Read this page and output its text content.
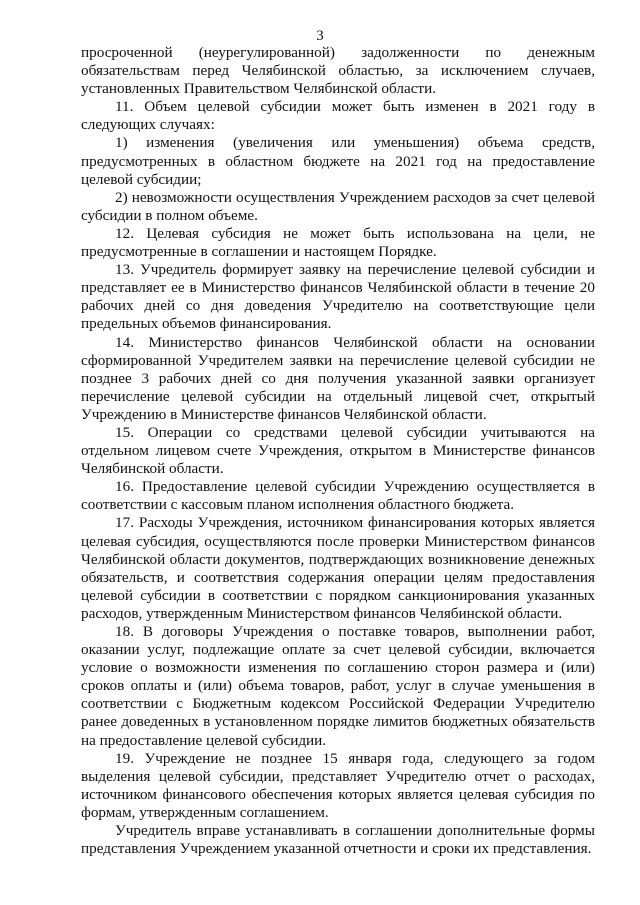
3

просроченной (неурегулированной) задолженности по денежным обязательствам перед Челябинской областью, за исключением случаев, установленных Правительством Челябинской области.

11. Объем целевой субсидии может быть изменен в 2021 году в следующих случаях:

1) изменения (увеличения или уменьшения) объема средств, предусмотренных в областном бюджете на 2021 год на предоставление целевой субсидии;

2) невозможности осуществления Учреждением расходов за счет целевой субсидии в полном объеме.

12. Целевая субсидия не может быть использована на цели, не предусмотренные в соглашении и настоящем Порядке.

13. Учредитель формирует заявку на перечисление целевой субсидии и представляет ее в Министерство финансов Челябинской области в течение 20 рабочих дней со дня доведения Учредителю на соответствующие цели предельных объемов финансирования.

14. Министерство финансов Челябинской области на основании сформированной Учредителем заявки на перечисление целевой субсидии не позднее 3 рабочих дней со дня получения указанной заявки организует перечисление целевой субсидии на отдельный лицевой счет, открытый Учреждению в Министерстве финансов Челябинской области.

15. Операции со средствами целевой субсидии учитываются на отдельном лицевом счете Учреждения, открытом в Министерстве финансов Челябинской области.

16. Предоставление целевой субсидии Учреждению осуществляется в соответствии с кассовым планом исполнения областного бюджета.

17. Расходы Учреждения, источником финансирования которых является целевая субсидия, осуществляются после проверки Министерством финансов Челябинской области документов, подтверждающих возникновение денежных обязательств, и соответствия содержания операции целям предоставления целевой субсидии в соответствии с порядком санкционирования указанных расходов, утвержденным Министерством финансов Челябинской области.

18. В договоры Учреждения о поставке товаров, выполнении работ, оказании услуг, подлежащие оплате за счет целевой субсидии, включается условие о возможности изменения по соглашению сторон размера и (или) сроков оплаты и (или) объема товаров, работ, услуг в случае уменьшения в соответствии с Бюджетным кодексом Российской Федерации Учредителю ранее доведенных в установленном порядке лимитов бюджетных обязательств на предоставление целевой субсидии.

19. Учреждение не позднее 15 января года, следующего за годом выделения целевой субсидии, представляет Учредителю отчет о расходах, источником финансового обеспечения которых является целевая субсидия по формам, утвержденным соглашением.

Учредитель вправе устанавливать в соглашении дополнительные формы представления Учреждением указанной отчетности и сроки их представления.
